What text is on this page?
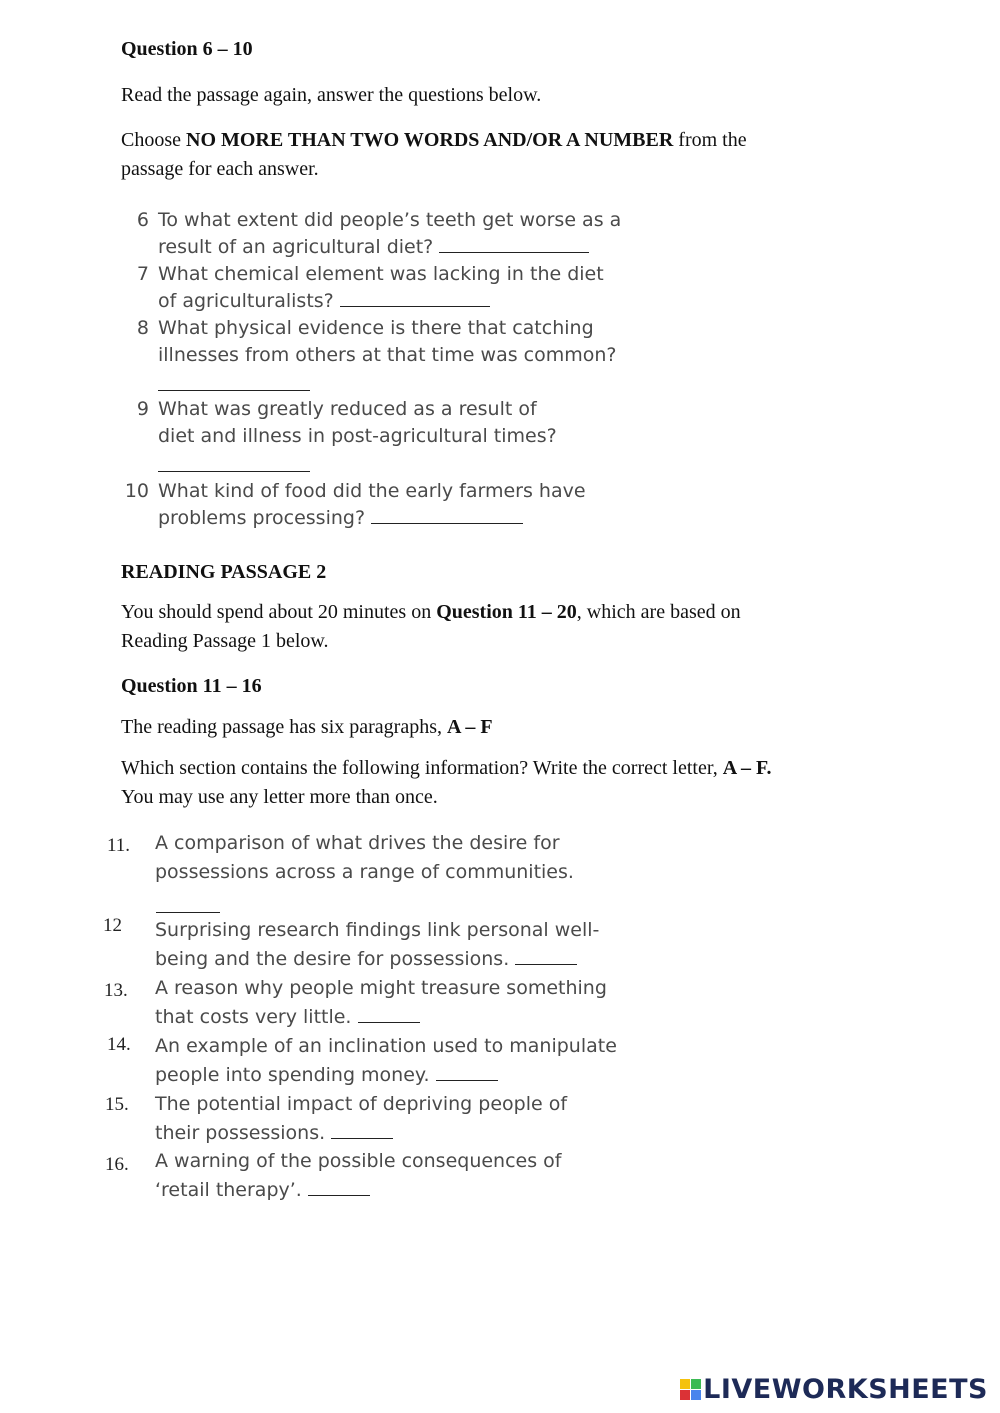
Question 6 – 10
Read the passage again, answer the questions below.
Choose NO MORE THAN TWO WORDS AND/OR A NUMBER from the
passage for each answer.
6 To what extent did people’s teeth get worse as a
result of an agricultural diet?
7 What chemical element was lacking in the diet
of agriculturalists?
8 What physical evidence is there that catching
illnesses from others at that time was common?
9 What was greatly reduced as a result of
diet and illness in post-agricultural times?
10 What kind of food did the early farmers have
problems processing?
READING PASSAGE 2
You should spend about 20 minutes on Question 11 – 20, which are based on
Reading Passage 1 below.
Question 11 – 16
The reading passage has six paragraphs, A – F
Which section contains the following information? Write the correct letter, A – F.
You may use any letter more than once.
11. A comparison of what drives the desire for
possessions across a range of communities.
12 Surprising research findings link personal well-
being and the desire for possessions.
13. A reason why people might treasure something
that costs very little.
14. An example of an inclination used to manipulate
people into spending money.
15. The potential impact of depriving people of
their possessions.
16. A warning of the possible consequences of
‘retail therapy’.
LIVEWORKSHEETS
